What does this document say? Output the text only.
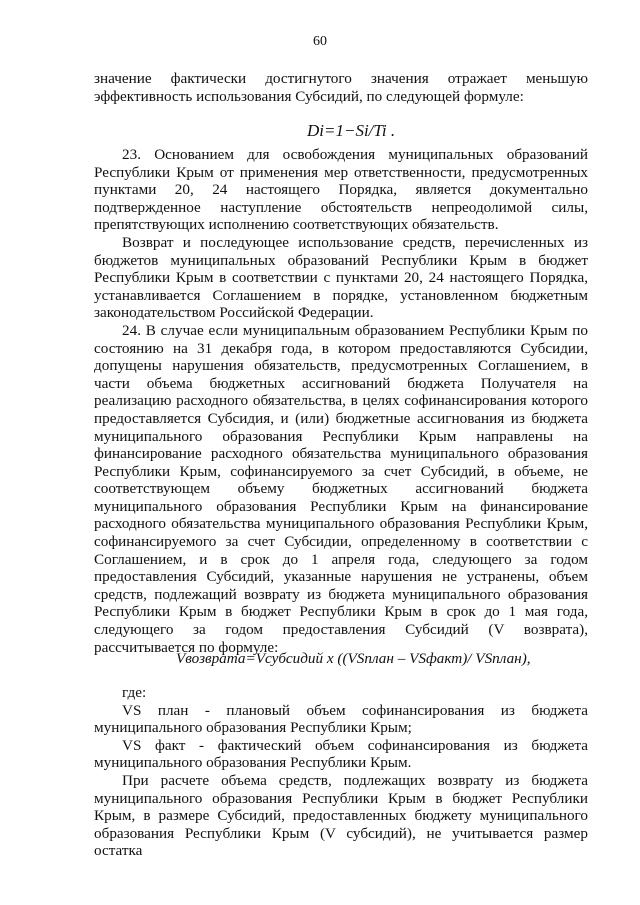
60

значение фактически достигнутого значения отражает меньшую эффективность использования Субсидий, по следующей формуле:

Di=1−Si/Ti .

23. Основанием для освобождения муниципальных образований Республики Крым от применения мер ответственности, предусмотренных пунктами 20, 24 настоящего Порядка, является документально подтвержденное наступление обстоятельств непреодолимой силы, препятствующих исполнению соответствующих обязательств.

Возврат и последующее использование средств, перечисленных из бюджетов муниципальных образований Республики Крым в бюджет Республики Крым в соответствии с пунктами 20, 24 настоящего Порядка, устанавливается Соглашением в порядке, установленном бюджетным законодательством Российской Федерации.

24. В случае если муниципальным образованием Республики Крым по состоянию на 31 декабря года, в котором предоставляются Субсидии, допущены нарушения обязательств, предусмотренных Соглашением, в части объема бюджетных ассигнований бюджета Получателя на реализацию расходного обязательства, в целях софинансирования которого предоставляется Субсидия, и (или) бюджетные ассигнования из бюджета муниципального образования Республики Крым направлены на финансирование расходного обязательства муниципального образования Республики Крым, софинансируемого за счет Субсидий, в объеме, не соответствующем объему бюджетных ассигнований бюджета муниципального образования Республики Крым на финансирование расходного обязательства муниципального образования Республики Крым, софинансируемого за счет Субсидии, определенному в соответствии с Соглашением, и в срок до 1 апреля года, следующего за годом предоставления Субсидий, указанные нарушения не устранены, объем средств, подлежащий возврату из бюджета муниципального образования Республики Крым в бюджет Республики Крым в срок до 1 мая года, следующего за годом предоставления Субсидий (V возврата), рассчитывается по формуле:

Vвозврата=Vсубсидий х ((VSплан – VSфакт)/ VSплан),

где:

VS план - плановый объем софинансирования из бюджета муниципального образования Республики Крым;

VS факт - фактический объем софинансирования из бюджета муниципального образования Республики Крым.

При расчете объема средств, подлежащих возврату из бюджета муниципального образования Республики Крым в бюджет Республики Крым, в размере Субсидий, предоставленных бюджету муниципального образования Республики Крым (V субсидий), не учитывается размер остатка
